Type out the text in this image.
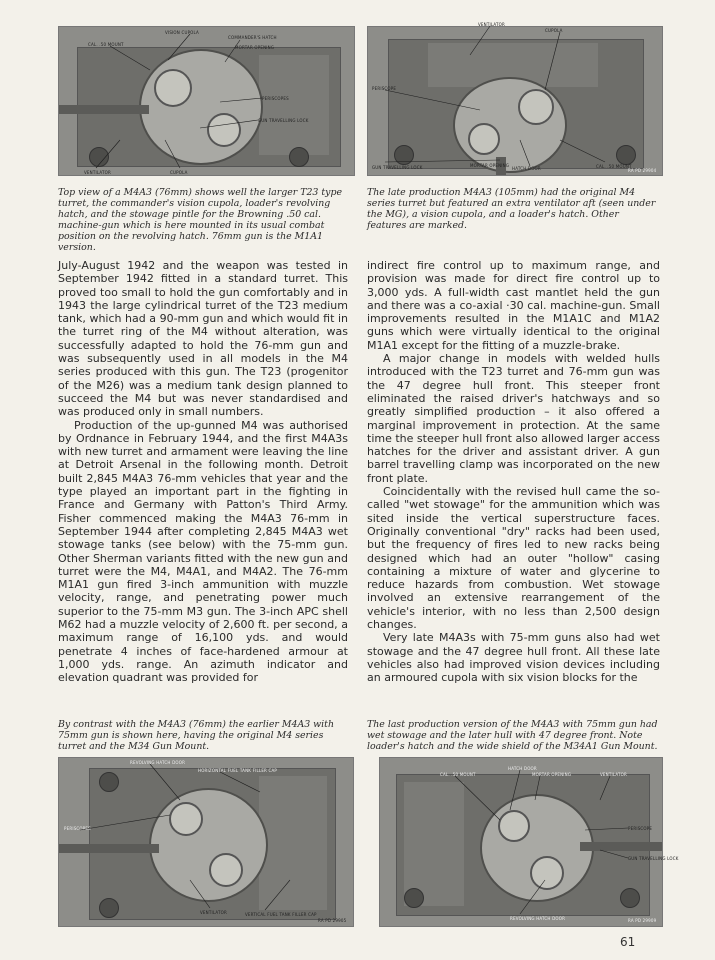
VISION CUPOLA
COMMANDER'S HATCH
CAL. .50 MOUNT
MORTAR OPENING
PERISCOPES
GUN TRAVELLING LOCK
VENTILATOR	CUPOLA
VENTILATOR
CUPOLA
PERISCOPE
GUN TRAVELLING LOCK	MORTAR OPENING
HATCH DOOR	CAL. .50 MOUNT
RA PD 29904

Top view of a M4A3 (76mm) shows well the larger T23 type turret, the commander's vision cupola, loader's revolving hatch, and the stowage pintle for the Browning .50 cal. machine-gun which is here mounted in its usual combat position on the revolving hatch. 76mm gun is the M1A1 version.

The late production M4A3 (105mm) had the original M4 series turret but featured an extra ventilator aft (seen under the MG), a vision cupola, and a loader's hatch. Other features are marked.

July-August 1942 and the weapon was tested in September 1942 fitted in a standard turret. This proved too small to hold the gun comfortably and in 1943 the large cylindrical turret of the T23 medium tank, which had a 90-mm gun and which would fit in the turret ring of the M4 without alteration, was successfully adapted to hold the 76-mm gun and was subsequently used in all models in the M4 series produced with this gun. The T23 (progenitor of the M26) was a medium tank design planned to succeed the M4 but was never standardised and was produced only in small numbers.

Production of the up-gunned M4 was authorised by Ordnance in February 1944, and the first M4A3s with new turret and armament were leaving the line at Detroit Arsenal in the following month. Detroit built 2,845 M4A3 76-mm vehicles that year and the type played an important part in the fighting in France and Germany with Patton's Third Army. Fisher commenced making the M4A3 76-mm in September 1944 after completing 2,845 M4A3 wet stowage tanks (see below) with the 75-mm gun. Other Sherman variants fitted with the new gun and turret were the M4, M4A1, and M4A2. The 76-mm M1A1 gun fired 3-inch ammunition with muzzle velocity, range, and penetrating power much superior to the 75-mm M3 gun. The 3-inch APC shell M62 had a muzzle velocity of 2,600 ft. per second, a maximum range of 16,100 yds. and would penetrate 4 inches of face-hardened armour at 1,000 yds. range. An azimuth indicator and elevation quadrant was provided for

indirect fire control up to maximum range, and provision was made for direct fire control up to 3,000 yds. A full-width cast mantlet held the gun and there was a co-axial ·30 cal. machine-gun. Small improvements resulted in the M1A1C and M1A2 guns which were virtually identical to the original M1A1 except for the fitting of a muzzle-brake.

A major change in models with welded hulls introduced with the T23 turret and 76-mm gun was the 47 degree hull front. This steeper front eliminated the raised driver's hatchways and so greatly simplified production – it also offered a marginal improvement in protection. At the same time the steeper hull front also allowed larger access hatches for the driver and assistant driver. A gun barrel travelling clamp was incorporated on the new front plate.

Coincidentally with the revised hull came the so-called "wet stowage" for the ammunition which was sited inside the vertical superstructure faces. Originally conventional "dry" racks had been used, but the frequency of fires led to new racks being designed which had an outer "hollow" casing containing a mixture of water and glycerine to reduce hazards from combustion. Wet stowage involved an extensive rearrangement of the vehicle's interior, with no less than 2,500 design changes.

Very late M4A3s with 75-mm guns also had wet stowage and the 47 degree hull front. All these late vehicles also had improved vision devices including an armoured cupola with six vision blocks for the

By contrast with the M4A3 (76mm) the earlier M4A3 with 75mm gun is shown here, having the original M4 series turret and the M34 Gun Mount.

The last production version of the M4A3 with 75mm gun had wet stowage and the later hull with 47 degree front. Note loader's hatch and the wide shield of the M34A1 Gun Mount.

REVOLVING HATCH DOOR
HORIZONTAL FUEL TANK FILLER CAP
PERISCOPES
VENTILATOR	VERTICAL FUEL TANK FILLER CAP
RA PD 29905
HATCH DOOR
CAL. .50 MOUNT	MORTAR OPENING	VENTILATOR
PERISCOPE
GUN TRAVELLING LOCK
REVOLVING HATCH DOOR	RA PD 29909
61
